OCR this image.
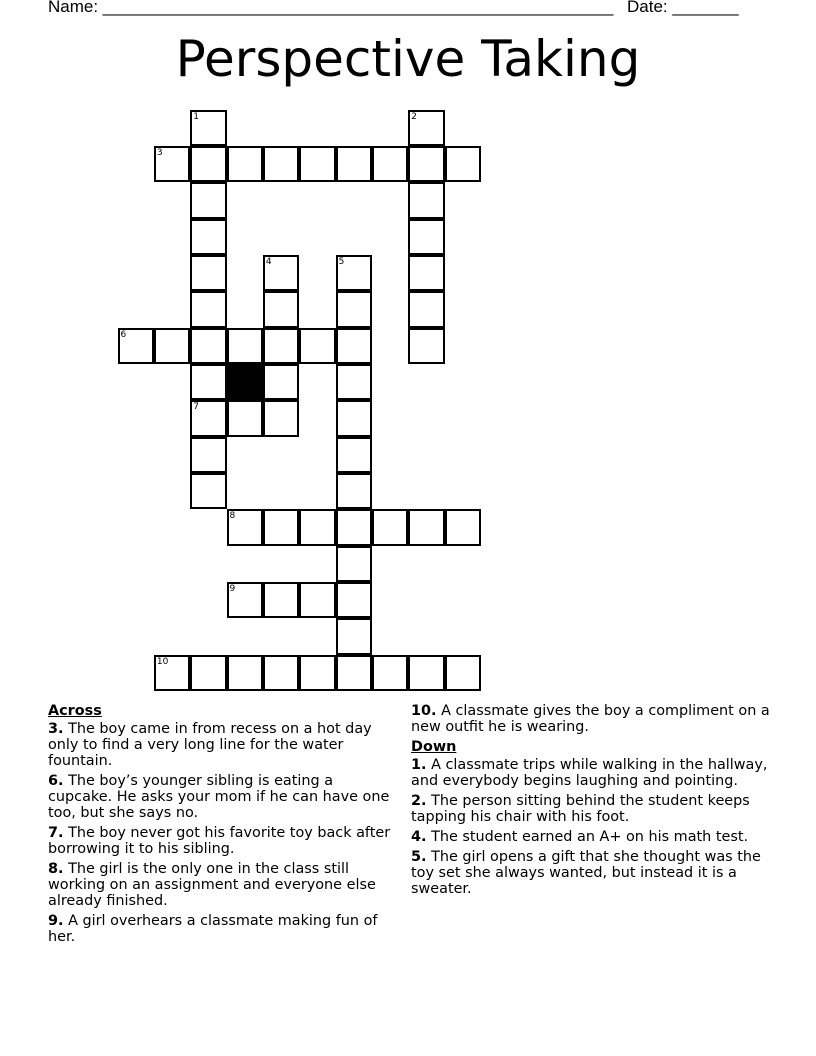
Name: ______________________________________________________ Date: _______
Perspective Taking
1	2
3
4	5
6
7
8
9
10
Across
3. The boy came in from recess on a hot day only to find a very long line for the water fountain.
6. The boy’s younger sibling is eating a cupcake. He asks your mom if he can have one too, but she says no.
7. The boy never got his favorite toy back after borrowing it to his sibling.
8. The girl is the only one in the class still working on an assignment and everyone else already finished.
9. A girl overhears a classmate making fun of her.
10. A classmate gives the boy a compliment on a new outfit he is wearing.
Down
1. A classmate trips while walking in the hallway, and everybody begins laughing and pointing.
2. The person sitting behind the student keeps tapping his chair with his foot.
4. The student earned an A+ on his math test.
5. The girl opens a gift that she thought was the toy set she always wanted, but instead it is a sweater.
